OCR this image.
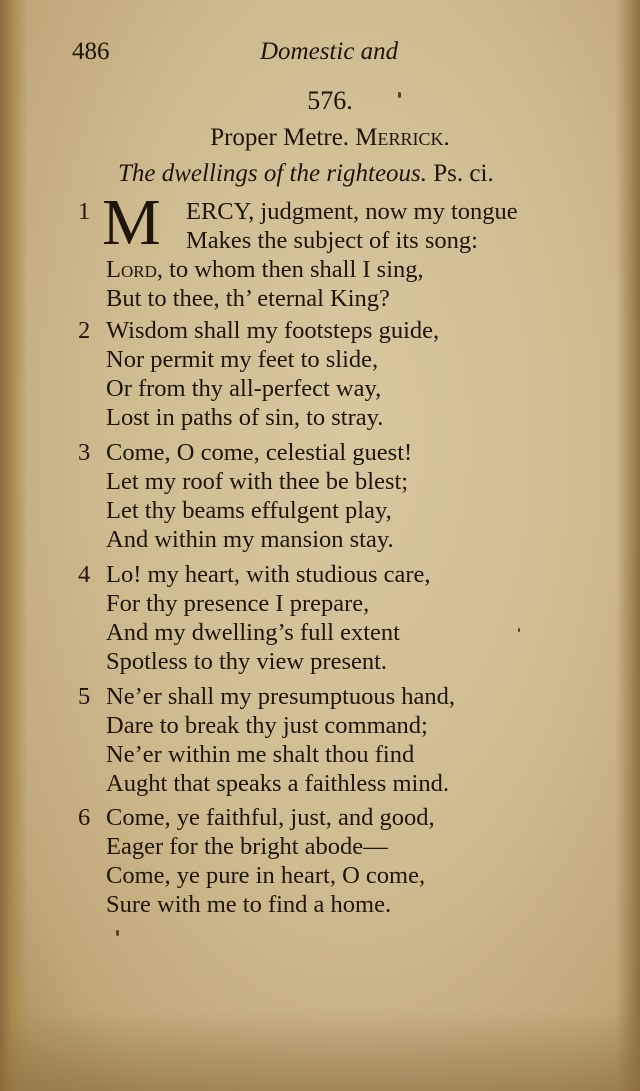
486	Domestic and
576.
Proper Metre. Merrick.
The dwellings of the righteous. Ps. ci.
1 M ERCY, judgment, now my tongue
Makes the subject of its song:
Lord, to whom then shall I sing,
But to thee, th’ eternal King?
2 Wisdom shall my footsteps guide,
Nor permit my feet to slide,
Or from thy all-perfect way,
Lost in paths of sin, to stray.
3 Come, O come, celestial guest!
Let my roof with thee be blest;
Let thy beams effulgent play,
And within my mansion stay.
4 Lo! my heart, with studious care,
For thy presence I prepare,
And my dwelling’s full extent
Spotless to thy view present.
5 Ne’er shall my presumptuous hand,
Dare to break thy just command;
Ne’er within me shalt thou find
Aught that speaks a faithless mind.
6 Come, ye faithful, just, and good,
Eager for the bright abode—
Come, ye pure in heart, O come,
Sure with me to find a home.
